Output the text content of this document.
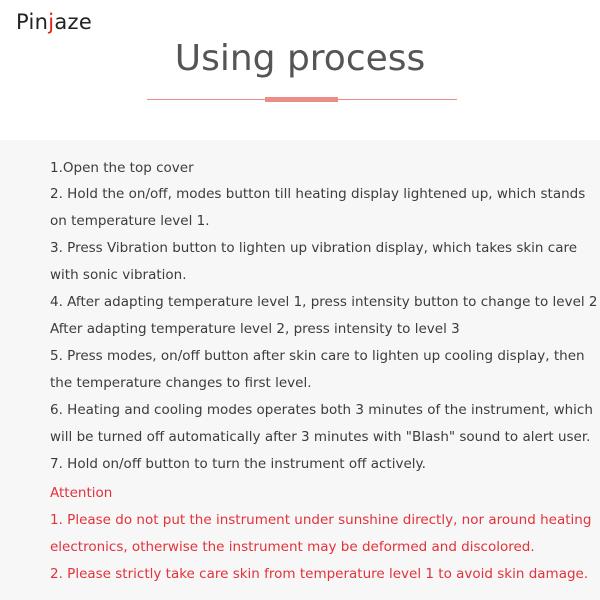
Pinjaze
Using process
1.Open the top cover
2. Hold the on/off, modes button till heating display lightened up, which stands
on temperature level 1.
3. Press Vibration button to lighten up vibration display, which takes skin care
with sonic vibration.
4. After adapting temperature level 1, press intensity button to change to level 2
After adapting temperature level 2, press intensity to level 3
5. Press modes, on/off button after skin care to lighten up cooling display, then
the temperature changes to first level.
6. Heating and cooling modes operates both 3 minutes of the instrument, which
will be turned off automatically after 3 minutes with "Blash" sound to alert user.
7. Hold on/off button to turn the instrument off actively.
Attention
1. Please do not put the instrument under sunshine directly, nor around heating
electronics, otherwise the instrument may be deformed and discolored.
2. Please strictly take care skin from temperature level 1 to avoid skin damage.
